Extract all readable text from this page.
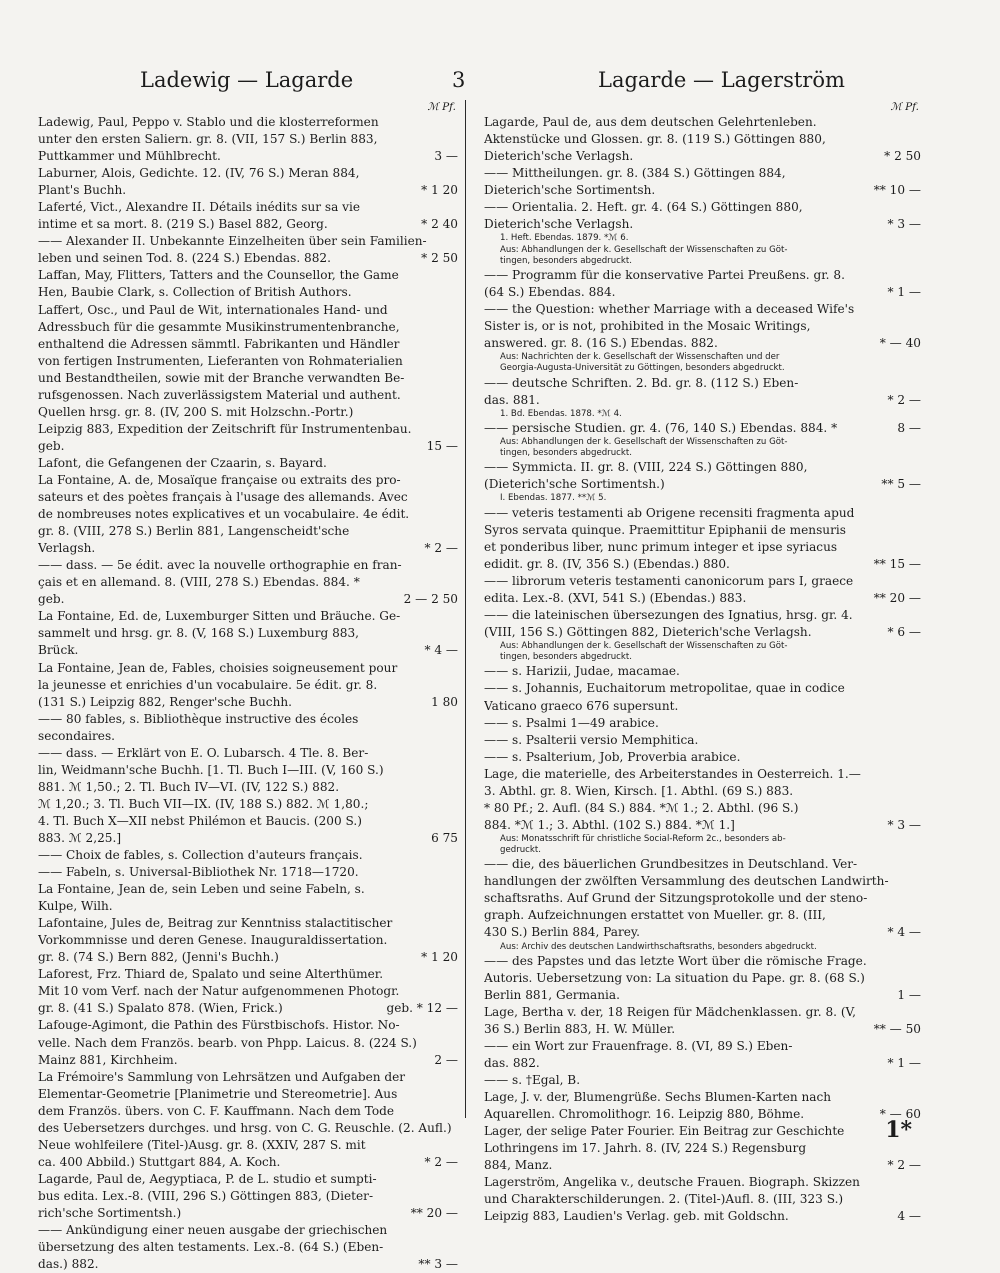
Ladewig — Lagarde	3	Lagarde — Lagerström
ℳ Pf.
Ladewig, Paul, Peppo v. Stablo und die klosterreformen
unter den ersten Saliern. gr. 8. (VII, 157 S.) Berlin 883,
Puttkammer und Mühlbrecht.	3 —
Laburner, Alois, Gedichte. 12. (IV, 76 S.) Meran 884,
Plant's Buchh.	* 1 20
Laferté, Vict., Alexandre II. Détails inédits sur sa vie
intime et sa mort. 8. (219 S.) Basel 882, Georg.	* 2 40
—— Alexander II. Unbekannte Einzelheiten über sein Familien-
leben und seinen Tod. 8. (224 S.) Ebendas. 882.	* 2 50
Laffan, May, Flitters, Tatters and the Counsellor, the Game
Hen, Baubie Clark, s. Collection of British Authors.
Laffert, Osc., und Paul de Wit, internationales Hand- und
Adressbuch für die gesammte Musikinstrumentenbranche,
enthaltend die Adressen sämmtl. Fabrikanten und Händler
von fertigen Instrumenten, Lieferanten von Rohmaterialien
und Bestandtheilen, sowie mit der Branche verwandten Be-
rufsgenossen. Nach zuverlässigstem Material und authent.
Quellen hrsg. gr. 8. (IV, 200 S. mit Holzschn.-Portr.)
Leipzig 883, Expedition der Zeitschrift für Instrumentenbau.
geb.	15 —
Lafont, die Gefangenen der Czaarin, s. Bayard.
La Fontaine, A. de, Mosaïque française ou extraits des pro-
sateurs et des poètes français à l'usage des allemands. Avec
de nombreuses notes explicatives et un vocabulaire. 4e édit.
gr. 8. (VIII, 278 S.) Berlin 881, Langenscheidt'sche
Verlagsh.	* 2 —
—— dass. — 5e édit. avec la nouvelle orthographie en fran-
çais et en allemand. 8. (VIII, 278 S.) Ebendas. 884. *
geb.	2 — 2 50
La Fontaine, Ed. de, Luxemburger Sitten und Bräuche. Ge-
sammelt und hrsg. gr. 8. (V, 168 S.) Luxemburg 883,
Brück.	* 4 —
La Fontaine, Jean de, Fables, choisies soigneusement pour
la jeunesse et enrichies d'un vocabulaire. 5e édit. gr. 8.
(131 S.) Leipzig 882, Renger'sche Buchh.	1 80
—— 80 fables, s. Bibliothèque instructive des écoles
secondaires.
—— dass. — Erklärt von E. O. Lubarsch. 4 Tle. 8. Ber-
lin, Weidmann'sche Buchh. [1. Tl. Buch I—III. (V, 160 S.)
881. ℳ 1,50.; 2. Tl. Buch IV—VI. (IV, 122 S.) 882.
ℳ 1,20.; 3. Tl. Buch VII—IX. (IV, 188 S.) 882. ℳ 1,80.;
4. Tl. Buch X—XII nebst Philémon et Baucis. (200 S.)
883. ℳ 2,25.]	6 75
—— Choix de fables, s. Collection d'auteurs français.
—— Fabeln, s. Universal-Bibliothek Nr. 1718—1720.
La Fontaine, Jean de, sein Leben und seine Fabeln, s.
Kulpe, Wilh.
Lafontaine, Jules de, Beitrag zur Kenntniss stalactitischer
Vorkommnisse und deren Genese. Inauguraldissertation.
gr. 8. (74 S.) Bern 882, (Jenni's Buchh.)	* 1 20
Laforest, Frz. Thiard de, Spalato und seine Alterthümer.
Mit 10 vom Verf. nach der Natur aufgenommenen Photogr.
gr. 8. (41 S.) Spalato 878. (Wien, Frick.)	geb. * 12 —
Lafouge-Agimont, die Pathin des Fürstbischofs. Histor. No-
velle. Nach dem Französ. bearb. von Phpp. Laicus. 8. (224 S.)
Mainz 881, Kirchheim.	2 —
La Frémoire's Sammlung von Lehrsätzen und Aufgaben der
Elementar-Geometrie [Planimetrie und Stereometrie]. Aus
dem Französ. übers. von C. F. Kauffmann. Nach dem Tode
des Uebersetzers durchges. und hrsg. von C. G. Reuschle. (2. Aufl.)
Neue wohlfeilere (Titel-)Ausg. gr. 8. (XXIV, 287 S. mit
ca. 400 Abbild.) Stuttgart 884, A. Koch.	* 2 —
Lagarde, Paul de, Aegyptiaca, P. de L. studio et sumpti-
bus edita. Lex.-8. (VIII, 296 S.) Göttingen 883, (Dieter-
rich'sche Sortimentsh.)	** 20 —
—— Ankündigung einer neuen ausgabe der griechischen
übersetzung des alten testaments. Lex.-8. (64 S.) (Eben-
das.) 882.	** 3 —
ℳ Pf.
Lagarde, Paul de, aus dem deutschen Gelehrtenleben.
Aktenstücke und Glossen. gr. 8. (119 S.) Göttingen 880,
Dieterich'sche Verlagsh.	* 2 50
—— Mittheilungen. gr. 8. (384 S.) Göttingen 884,
Dieterich'sche Sortimentsh.	** 10 —
—— Orientalia. 2. Heft. gr. 4. (64 S.) Göttingen 880,
Dieterich'sche Verlagsh.	* 3 —
1. Heft. Ebendas. 1879. *ℳ 6.
Aus: Abhandlungen der k. Gesellschaft der Wissenschaften zu Göt-
tingen, besonders abgedruckt.
—— Programm für die konservative Partei Preußens. gr. 8.
(64 S.) Ebendas. 884.	* 1 —
—— the Question: whether Marriage with a deceased Wife's
Sister is, or is not, prohibited in the Mosaic Writings,
answered. gr. 8. (16 S.) Ebendas. 882.	* — 40
Aus: Nachrichten der k. Gesellschaft der Wissenschaften und der
Georgia-Augusta-Universität zu Göttingen, besonders abgedruckt.
—— deutsche Schriften. 2. Bd. gr. 8. (112 S.) Eben-
das. 881.	* 2 —
1. Bd. Ebendas. 1878. *ℳ 4.
—— persische Studien. gr. 4. (76, 140 S.) Ebendas. 884. *	8 —
Aus: Abhandlungen der k. Gesellschaft der Wissenschaften zu Göt-
tingen, besonders abgedruckt.
—— Symmicta. II. gr. 8. (VIII, 224 S.) Göttingen 880,
(Dieterich'sche Sortimentsh.)	** 5 —
I. Ebendas. 1877. **ℳ 5.
—— veteris testamenti ab Origene recensiti fragmenta apud
Syros servata quinque. Praemittitur Epiphanii de mensuris
et ponderibus liber, nunc primum integer et ipse syriacus
edidit. gr. 8. (IV, 356 S.) (Ebendas.) 880.	** 15 —
—— librorum veteris testamenti canonicorum pars I, graece
edita. Lex.-8. (XVI, 541 S.) (Ebendas.) 883.	** 20 —
—— die lateinischen übersezungen des Ignatius, hrsg. gr. 4.
(VIII, 156 S.) Göttingen 882, Dieterich'sche Verlagsh.	* 6 —
Aus: Abhandlungen der k. Gesellschaft der Wissenschaften zu Göt-
tingen, besonders abgedruckt.
—— s. Harizii, Judae, macamae.
—— s. Johannis, Euchaitorum metropolitae, quae in codice
Vaticano graeco 676 supersunt.
—— s. Psalmi 1—49 arabice.
—— s. Psalterii versio Memphitica.
—— s. Psalterium, Job, Proverbia arabice.
Lage, die materielle, des Arbeiterstandes in Oesterreich. 1.—
3. Abthl. gr. 8. Wien, Kirsch. [1. Abthl. (69 S.) 883.
* 80 Pf.; 2. Aufl. (84 S.) 884. *ℳ 1.; 2. Abthl. (96 S.)
884. *ℳ 1.; 3. Abthl. (102 S.) 884. *ℳ 1.]	* 3 —
Aus: Monatsschrift für christliche Social-Reform 2c., besonders ab-
gedruckt.
—— die, des bäuerlichen Grundbesitzes in Deutschland. Ver-
handlungen der zwölften Versammlung des deutschen Landwirth-
schaftsraths. Auf Grund der Sitzungsprotokolle und der steno-
graph. Aufzeichnungen erstattet von Mueller. gr. 8. (III,
430 S.) Berlin 884, Parey.	* 4 —
Aus: Archiv des deutschen Landwirthschaftsraths, besonders abgedruckt.
—— des Papstes und das letzte Wort über die römische Frage.
Autoris. Uebersetzung von: La situation du Pape. gr. 8. (68 S.)
Berlin 881, Germania.	1 —
Lage, Bertha v. der, 18 Reigen für Mädchenklassen. gr. 8. (V,
36 S.) Berlin 883, H. W. Müller.	** — 50
—— ein Wort zur Frauenfrage. 8. (VI, 89 S.) Eben-
das. 882.	* 1 —
—— s. †Egal, B.
Lage, J. v. der, Blumengrüße. Sechs Blumen-Karten nach
Aquarellen. Chromolithogr. 16. Leipzig 880, Böhme.	* — 60
Lager, der selige Pater Fourier. Ein Beitrag zur Geschichte
Lothringens im 17. Jahrh. 8. (IV, 224 S.) Regensburg
884, Manz.	* 2 —
Lagerström, Angelika v., deutsche Frauen. Biograph. Skizzen
und Charakterschilderungen. 2. (Titel-)Aufl. 8. (III, 323 S.)
Leipzig 883, Laudien's Verlag. geb. mit Goldschn.	4 —
1*
